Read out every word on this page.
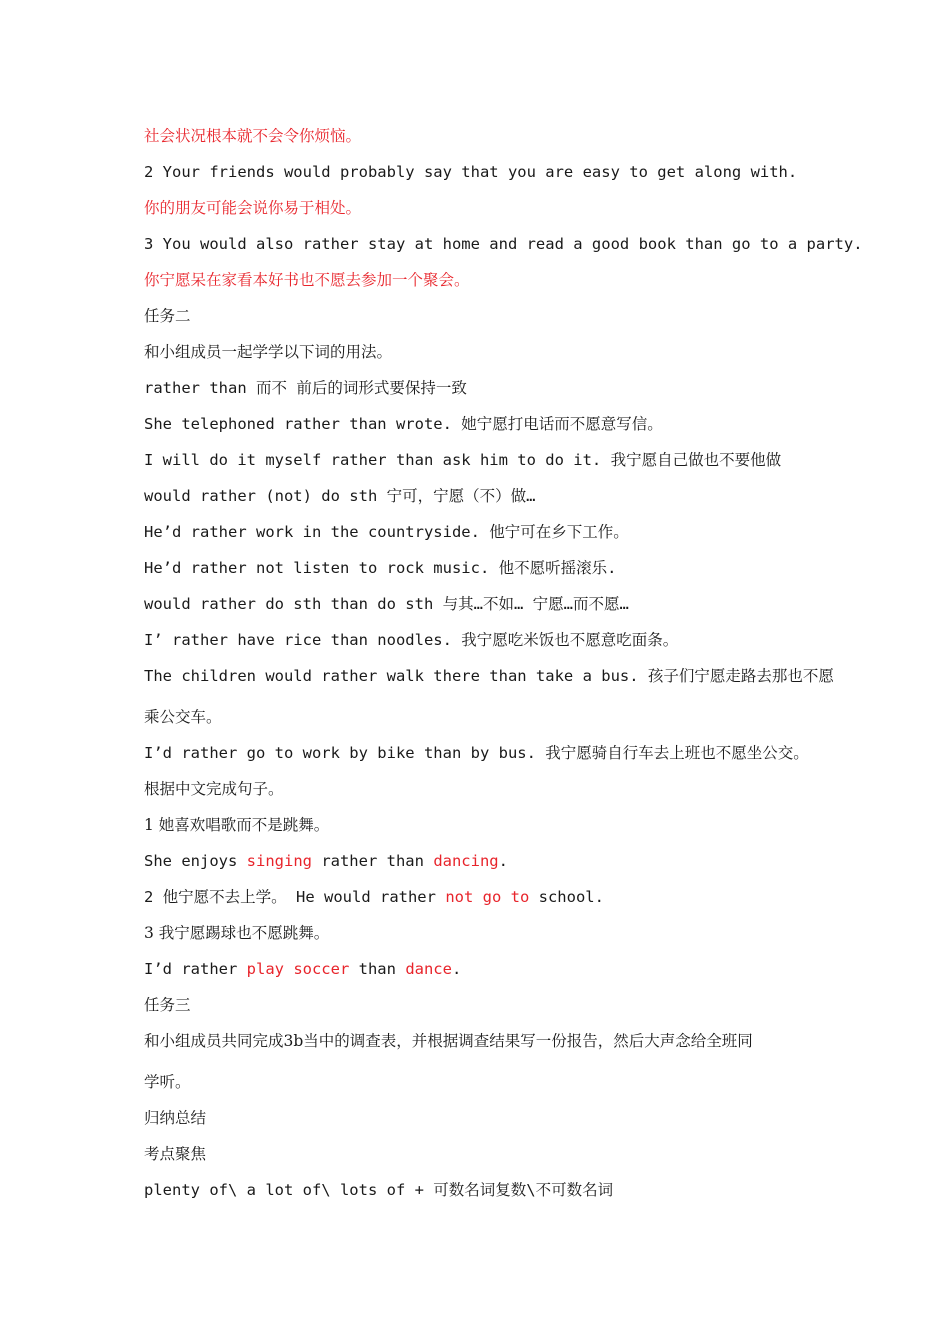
社会状况根本就不会令你烦恼。
2 Your friends would probably say that you are easy to get along with.
你的朋友可能会说你易于相处。
3 You would also rather stay at home and read a good book than go to a party.
你宁愿呆在家看本好书也不愿去参加一个聚会。
任务二
和小组成员一起学学以下词的用法。
rather than 而不 前后的词形式要保持一致
She telephoned rather than wrote. 她宁愿打电话而不愿意写信。
I will do it myself rather than ask him to do it. 我宁愿自己做也不要他做
would rather (not) do sth 宁可，宁愿（不）做…
He’d rather work in the countryside. 他宁可在乡下工作。
He’d rather not listen to rock music. 他不愿听摇滚乐.
would rather do sth than do sth 与其…不如… 宁愿…而不愿…
I’ rather have rice than noodles. 我宁愿吃米饭也不愿意吃面条。
The children would rather walk there than take a bus. 孩子们宁愿走路去那也不愿
乘公交车。
I’d rather go to work by bike than by bus. 我宁愿骑自行车去上班也不愿坐公交。
根据中文完成句子。
1 她喜欢唱歌而不是跳舞。
She enjoys singing rather than dancing.
2 他宁愿不去上学。 He would rather not go to school.
3 我宁愿踢球也不愿跳舞。
I’d rather play soccer than dance.
任务三
和小组成员共同完成3b当中的调查表，并根据调查结果写一份报告，然后大声念给全班同
学听。
归纳总结
考点聚焦
plenty of\ a lot of\ lots of + 可数名词复数\不可数名词
